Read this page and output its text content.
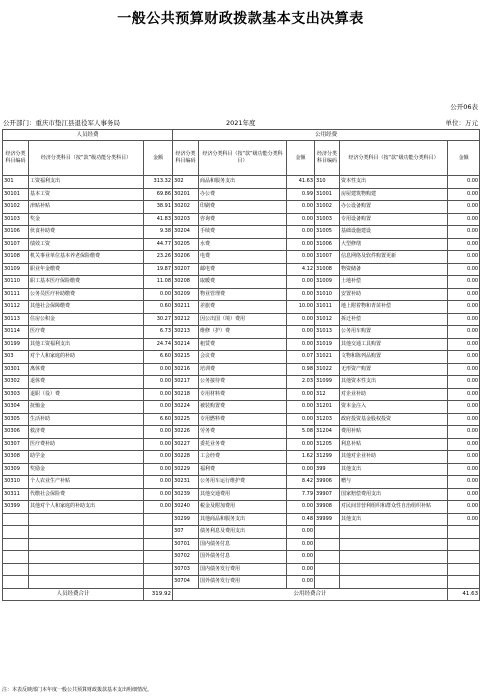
一般公共预算财政拨款基本支出决算表
公开06表
公开部门：重庆市垫江县退役军人事务局	2021年度	单位：万元
人员经费			公用经费					
经济分类科目编码	经济分类科目（按“款”级功能分类科目）	金额	经济分类科目编码	经济分类科目（按“款”级功能分类科目）	金额	经济分类科目编码	经济分类科目（按“款”级功能分类科目）	金额
301	工资福利支出	313.32	302	商品和服务支出	41.63	310	资本性支出	0.00
30101	基本工资	69.86	30201	办公费	0.99	31001	房屋建筑物购建	0.00
30102	津贴补贴	38.91	30202	印刷费	0.00	31002	办公设备购置	0.00
30103	奖金	41.83	30203	咨询费	0.00	31003	专用设备购置	0.00
30106	伙食补助费	9.38	30204	手续费	0.00	31005	基础设施建设	0.00
30107	绩效工资	44.77	30205	水费	0.00	31006	大型修缮	0.00
30108	机关事业单位基本养老保险缴费	23.26	30206	电费	0.00	31007	信息网络及软件购置更新	0.00
30109	职业年金缴费	19.87	30207	邮电费	4.12	31008	物资储备	0.00
30110	职工基本医疗保险缴费	11.08	30208	取暖费	0.00	31009	土地补偿	0.00
30111	公务员医疗补助缴费	0.00	30209	物业管理费	0.00	31010	安置补助	0.00
30112	其他社会保障缴费	0.60	30211	差旅费	10.00	31011	地上附着物和青苗补偿	0.00
30113	住房公积金	30.27	30212	因公出国（境）费用	0.00	31012	拆迁补偿	0.00
30114	医疗费	6.73	30213	维修（护）费	0.00	31013	公务用车购置	0.00
30199	其他工资福利支出	24.74	30214	租赁费	0.00	31019	其他交通工具购置	0.00
303	对个人和家庭的补助	6.60	30215	会议费	0.07	31021	文物和陈列品购置	0.00
30301	离休费	0.00	30216	培训费	0.98	31022	无形资产购置	0.00
30302	退休费	0.00	30217	公务接待费	2.03	31099	其他资本性支出	0.00
30303	退职（役）费	0.00	30218	专用材料费	0.00	312	对企业补助	0.00
30304	抚恤金	0.00	30224	被装购置费	0.00	31201	资本金注入	0.00
30305	生活补助	6.60	30225	专用燃料费	0.00	31203	政府投资基金股权投资	0.00
30306	救济费	0.00	30226	劳务费	5.08	31204	费用补贴	0.00
30307	医疗费补助	0.00	30227	委托业务费	0.00	31205	利息补贴	0.00
30308	助学金	0.00	30228	工会经费	1.62	31299	其他对企业补助	0.00
30309	奖励金	0.00	30229	福利费	0.00	399	其他支出	0.00
30310	个人农业生产补贴	0.00	30231	公务用车运行维护费	8.42	39906	赠与	0.00
30311	代缴社会保险费	0.00	30239	其他交通费用	7.79	39907	国家赔偿费用支出	0.00
30399	其他对个人和家庭的补助支出	0.00	30240	税金及附加费用	0.00	39908	对民间非营利组织和群众性自治组织补贴	0.00
			30299	其他商品和服务支出	0.48	39999	其他支出	0.00
			307	债务利息及费用支出	0.00			
			30701	国内债务付息	0.00			
			30702	国外债务付息	0.00			
			30703	国内债务发行费用	0.00			
			30704	国外债务发行费用	0.00			
人员经费合计		319.92	公用经费合计					41.63
注：本表反映部门本年度一般公共预算财政拨款基本支出明细情况。
